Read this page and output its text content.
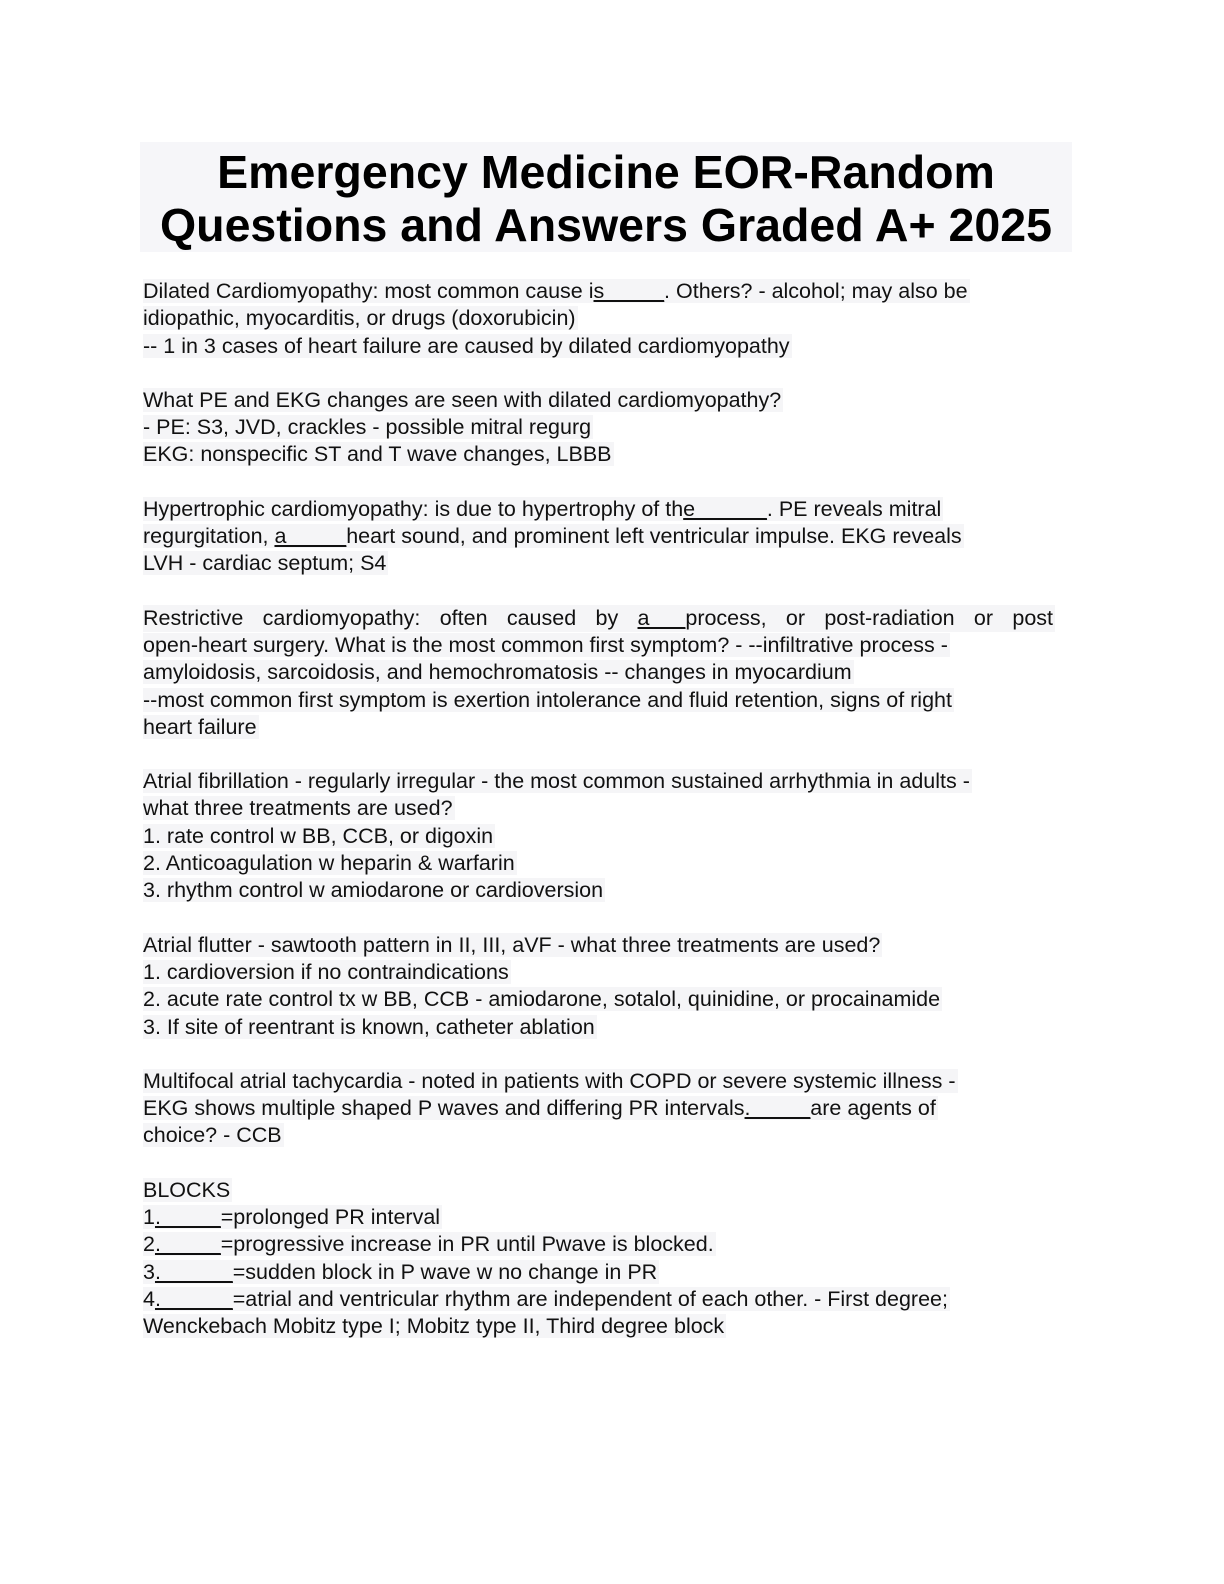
Emergency Medicine EOR-Random
Questions and Answers Graded A+ 2025
Dilated Cardiomyopathy: most common cause is_____. Others? - alcohol; may also be
idiopathic, myocarditis, or drugs (doxorubicin)
-- 1 in 3 cases of heart failure are caused by dilated cardiomyopathy
What PE and EKG changes are seen with dilated cardiomyopathy?
- PE: S3, JVD, crackles - possible mitral regurg
EKG: nonspecific ST and T wave changes, LBBB
Hypertrophic cardiomyopathy: is due to hypertrophy of the______. PE reveals mitral
regurgitation, a_____heart sound, and prominent left ventricular impulse. EKG reveals
LVH - cardiac septum; S4
Restrictive cardiomyopathy: often caused by a___process, or post-radiation or post
open-heart surgery. What is the most common first symptom? - --infiltrative process -
amyloidosis, sarcoidosis, and hemochromatosis -- changes in myocardium
--most common first symptom is exertion intolerance and fluid retention, signs of right
heart failure
Atrial fibrillation - regularly irregular - the most common sustained arrhythmia in adults -
what three treatments are used?
1. rate control w BB, CCB, or digoxin
2. Anticoagulation w heparin & warfarin
3. rhythm control w amiodarone or cardioversion
Atrial flutter - sawtooth pattern in II, III, aVF - what three treatments are used?
1. cardioversion if no contraindications
2. acute rate control tx w BB, CCB - amiodarone, sotalol, quinidine, or procainamide
3. If site of reentrant is known, catheter ablation
Multifocal atrial tachycardia - noted in patients with COPD or severe systemic illness -
EKG shows multiple shaped P waves and differing PR intervals._____are agents of
choice? - CCB
BLOCKS
1._____=prolonged PR interval
2._____=progressive increase in PR until Pwave is blocked.
3.______=sudden block in P wave w no change in PR
4.______=atrial and ventricular rhythm are independent of each other. - First degree;
Wenckebach Mobitz type I; Mobitz type II, Third degree block
